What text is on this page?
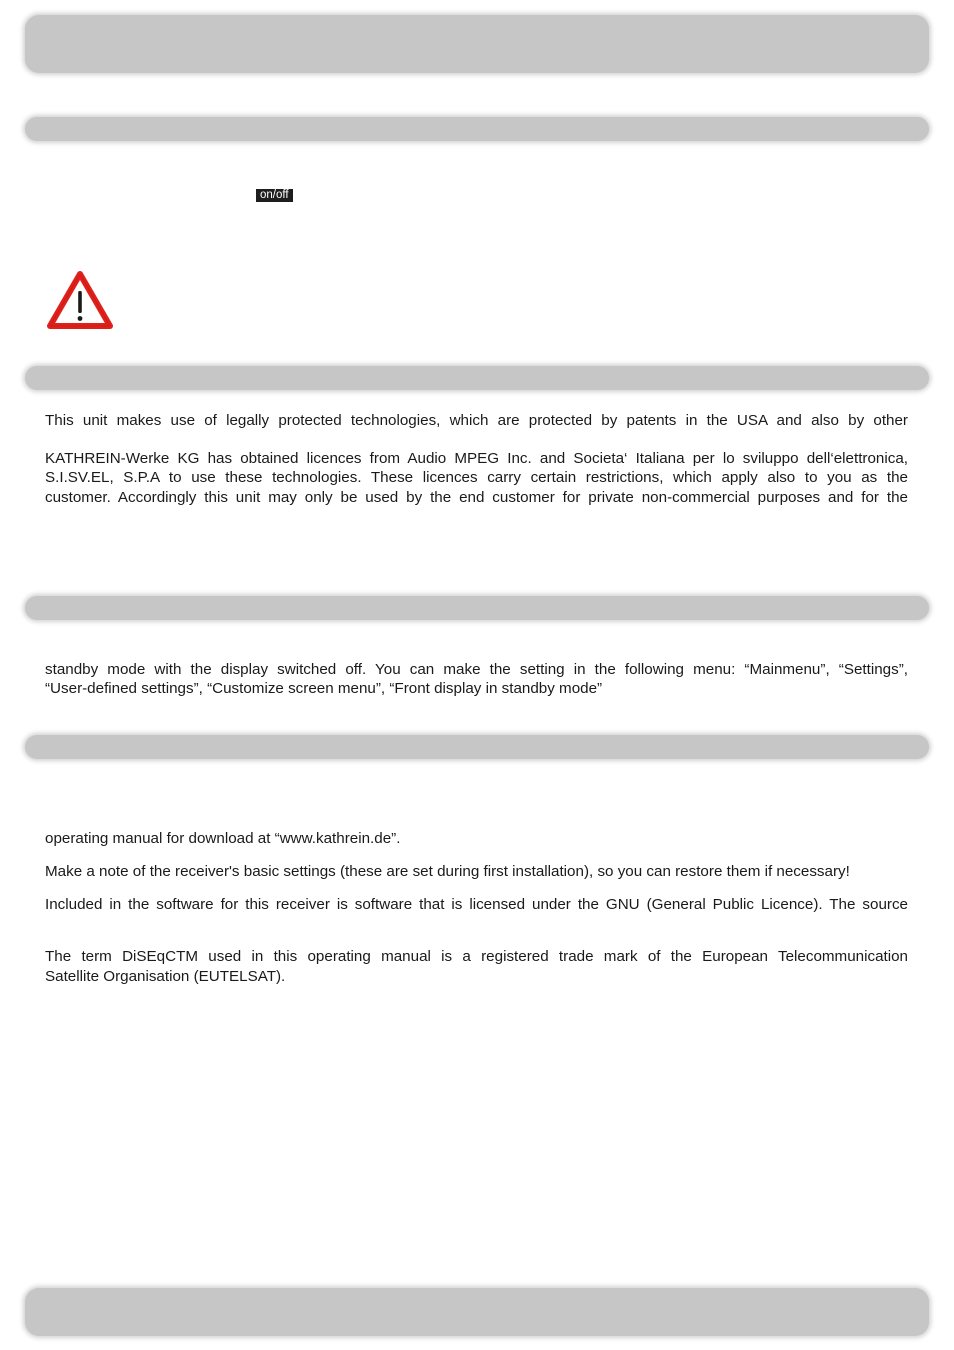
on/off

This unit makes use of legally protected technologies, which are protected by patents in the USA and also by other

KATHREIN-Werke KG has obtained licences from Audio MPEG Inc. and Societa‘ Italiana per lo sviluppo dell‘elettronica,

S.I.SV.EL, S.P.A to use these technologies. These licences carry certain restrictions, which apply also to you as the

customer. Accordingly this unit may only be used by the end customer for private non-commercial purposes and for the

standby mode with the display switched off. You can make the setting in the following menu: “Mainmenu”, “Settings”,

“User-defined settings”, “Customize screen menu”, “Front display in standby mode”

operating manual for download at “www.kathrein.de”.

Make a note of the receiver's basic settings (these are set during first installation), so you can restore them if necessary!

Included in the software for this receiver is software that is licensed under the GNU (General Public Licence). The source

The term DiSEqCTM used in this operating manual is a registered trade mark of the European Telecommunication

Satellite Organisation (EUTELSAT).
